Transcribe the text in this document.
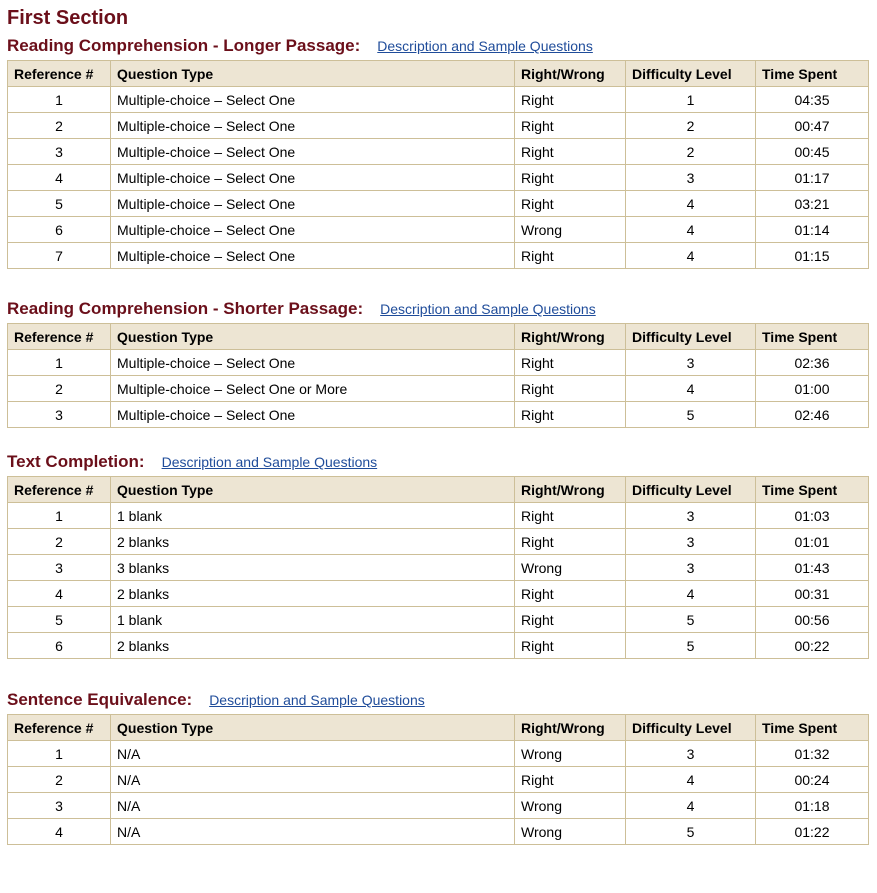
First Section
Reading Comprehension - Longer Passage: Description and Sample Questions
Reference #	Question Type	Right/Wrong	Difficulty Level	Time Spent
1	Multiple-choice – Select One	Right	1	04:35
2	Multiple-choice – Select One	Right	2	00:47
3	Multiple-choice – Select One	Right	2	00:45
4	Multiple-choice – Select One	Right	3	01:17
5	Multiple-choice – Select One	Right	4	03:21
6	Multiple-choice – Select One	Wrong	4	01:14
7	Multiple-choice – Select One	Right	4	01:15
Reading Comprehension - Shorter Passage: Description and Sample Questions
Reference #	Question Type	Right/Wrong	Difficulty Level	Time Spent
1	Multiple-choice – Select One	Right	3	02:36
2	Multiple-choice – Select One or More	Right	4	01:00
3	Multiple-choice – Select One	Right	5	02:46
Text Completion: Description and Sample Questions
Reference #	Question Type	Right/Wrong	Difficulty Level	Time Spent
1	1 blank	Right	3	01:03
2	2 blanks	Right	3	01:01
3	3 blanks	Wrong	3	01:43
4	2 blanks	Right	4	00:31
5	1 blank	Right	5	00:56
6	2 blanks	Right	5	00:22
Sentence Equivalence: Description and Sample Questions
Reference #	Question Type	Right/Wrong	Difficulty Level	Time Spent
1	N/A	Wrong	3	01:32
2	N/A	Right	4	00:24
3	N/A	Wrong	4	01:18
4	N/A	Wrong	5	01:22
